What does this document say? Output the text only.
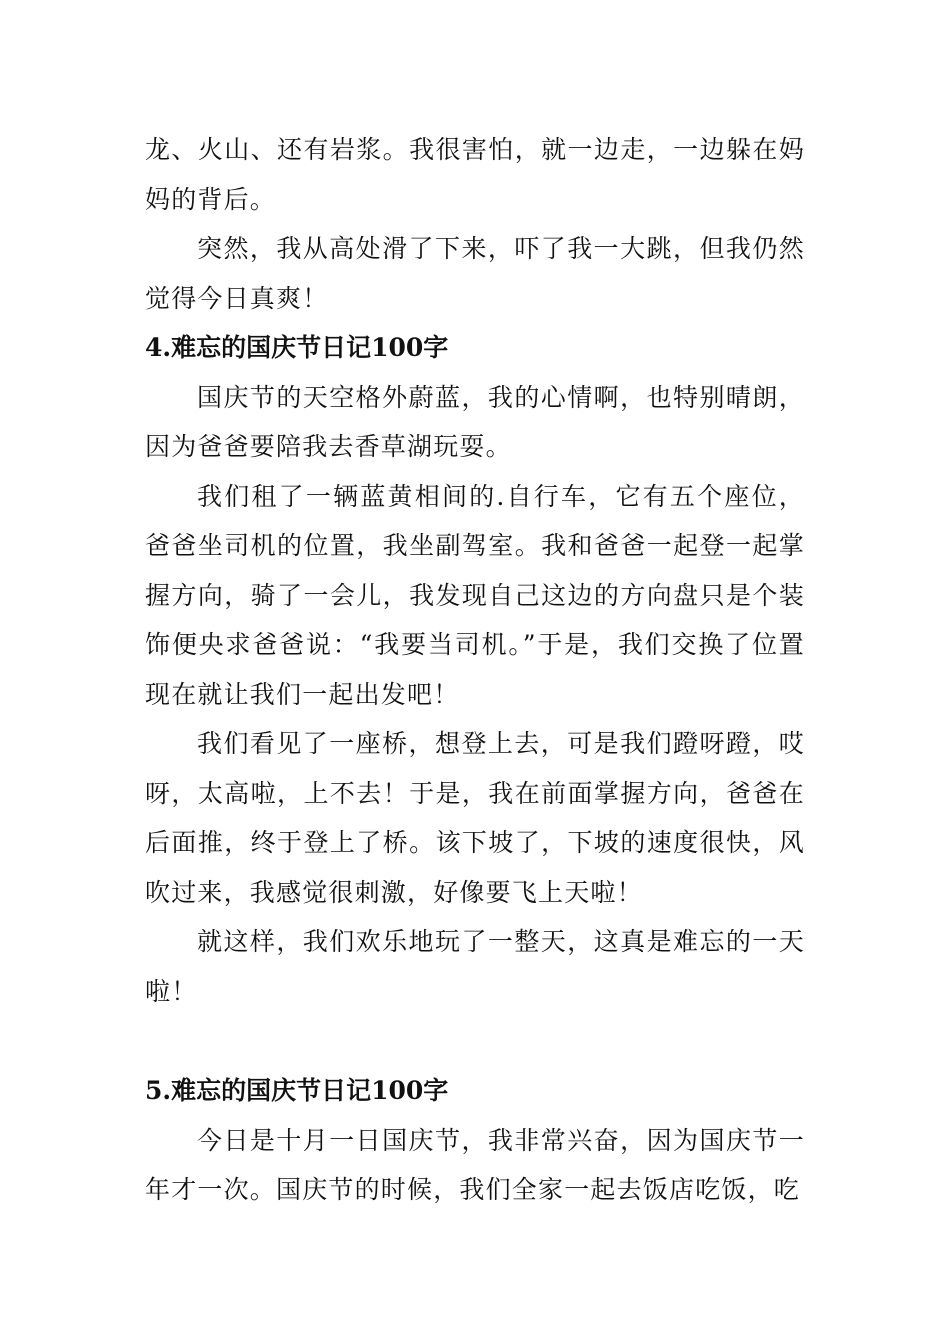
龙、火山、还有岩浆。我很害怕，就一边走，一边躲在妈妈的背后。

突然，我从高处滑了下来，吓了我一大跳，但我仍然觉得今日真爽！

4.难忘的国庆节日记100字

国庆节的天空格外蔚蓝，我的心情啊，也特别晴朗，因为爸爸要陪我去香草湖玩耍。

我们租了一辆蓝黄相间的.自行车，它有五个座位，爸爸坐司机的位置，我坐副驾室。我和爸爸一起登一起掌握方向，骑了一会儿，我发现自己这边的方向盘只是个装饰便央求爸爸说：“我要当司机。”于是，我们交换了位置现在就让我们一起出发吧！

我们看见了一座桥，想登上去，可是我们蹬呀蹬，哎呀，太高啦，上不去！于是，我在前面掌握方向，爸爸在后面推，终于登上了桥。该下坡了，下坡的速度很快，风吹过来，我感觉很刺激，好像要飞上天啦！

就这样，我们欢乐地玩了一整天，这真是难忘的一天啦！

5.难忘的国庆节日记100字

今日是十月一日国庆节，我非常兴奋，因为国庆节一年才一次。国庆节的时候，我们全家一起去饭店吃饭，吃
